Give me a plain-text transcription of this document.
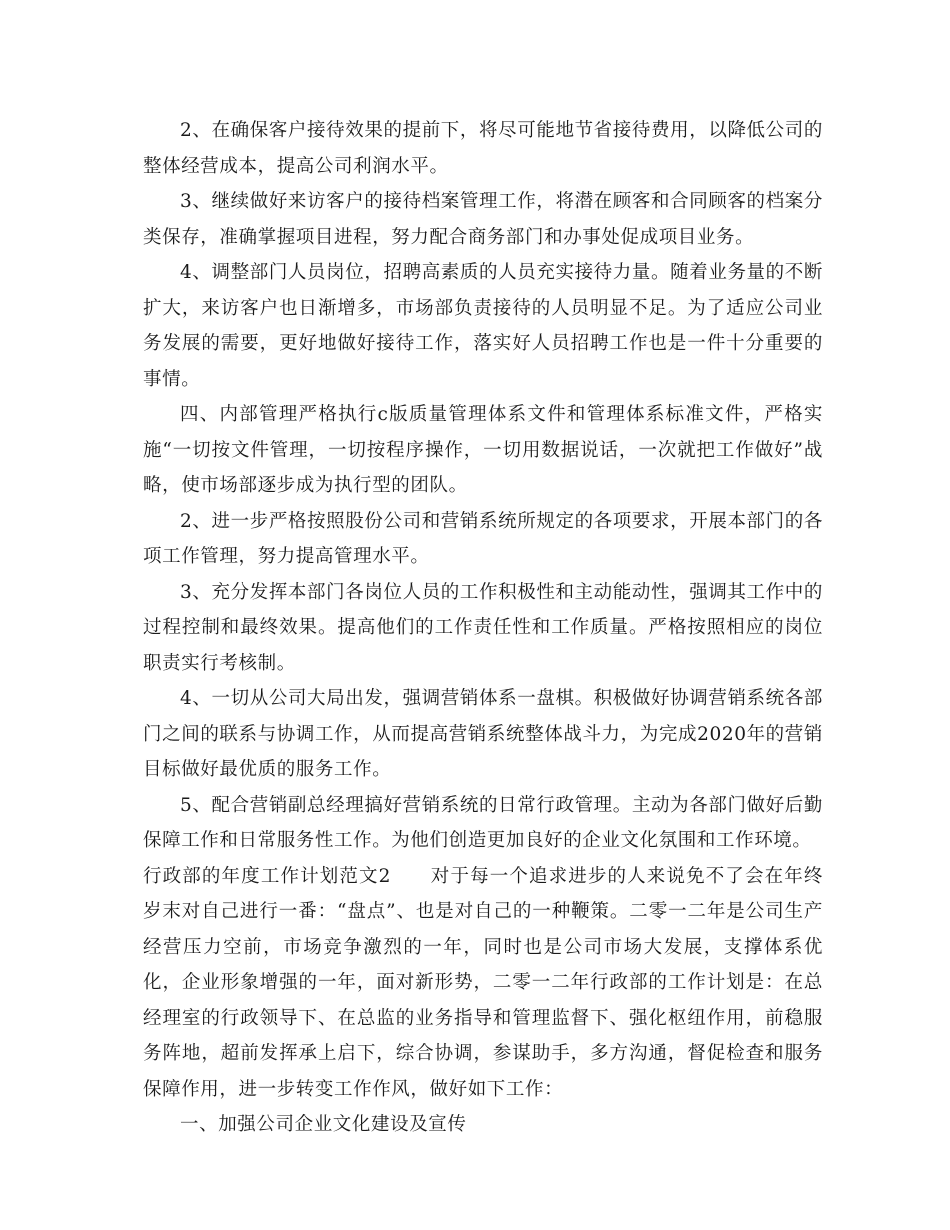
2、在确保客户接待效果的提前下，将尽可能地节省接待费用，以降低公司的整体经营成本，提高公司利润水平。

3、继续做好来访客户的接待档案管理工作，将潜在顾客和合同顾客的档案分类保存，准确掌握项目进程，努力配合商务部门和办事处促成项目业务。

4、调整部门人员岗位，招聘高素质的人员充实接待力量。随着业务量的不断扩大，来访客户也日渐增多，市场部负责接待的人员明显不足。为了适应公司业务发展的需要，更好地做好接待工作，落实好人员招聘工作也是一件十分重要的事情。

四、内部管理严格执行c版质量管理体系文件和管理体系标准文件，严格实施“一切按文件管理，一切按程序操作，一切用数据说话，一次就把工作做好”战略，使市场部逐步成为执行型的团队。

2、进一步严格按照股份公司和营销系统所规定的各项要求，开展本部门的各项工作管理，努力提高管理水平。

3、充分发挥本部门各岗位人员的工作积极性和主动能动性，强调其工作中的过程控制和最终效果。提高他们的工作责任性和工作质量。严格按照相应的岗位职责实行考核制。

4、一切从公司大局出发，强调营销体系一盘棋。积极做好协调营销系统各部门之间的联系与协调工作，从而提高营销系统整体战斗力，为完成2020年的营销目标做好最优质的服务工作。

5、配合营销副总经理搞好营销系统的日常行政管理。主动为各部门做好后勤保障工作和日常服务性工作。为他们创造更加良好的企业文化氛围和工作环境。

行政部的年度工作计划范文2　　对于每一个追求进步的人来说免不了会在年终岁末对自己进行一番：“盘点”、也是对自己的一种鞭策。二零一二年是公司生产经营压力空前，市场竞争激烈的一年，同时也是公司市场大发展，支撑体系优化，企业形象增强的一年，面对新形势，二零一二年行政部的工作计划是：在总经理室的行政领导下、在总监的业务指导和管理监督下、强化枢纽作用，前稳服务阵地，超前发挥承上启下，综合协调，参谋助手，多方沟通，督促检查和服务保障作用，进一步转变工作作风，做好如下工作：

一、加强公司企业文化建设及宣传
